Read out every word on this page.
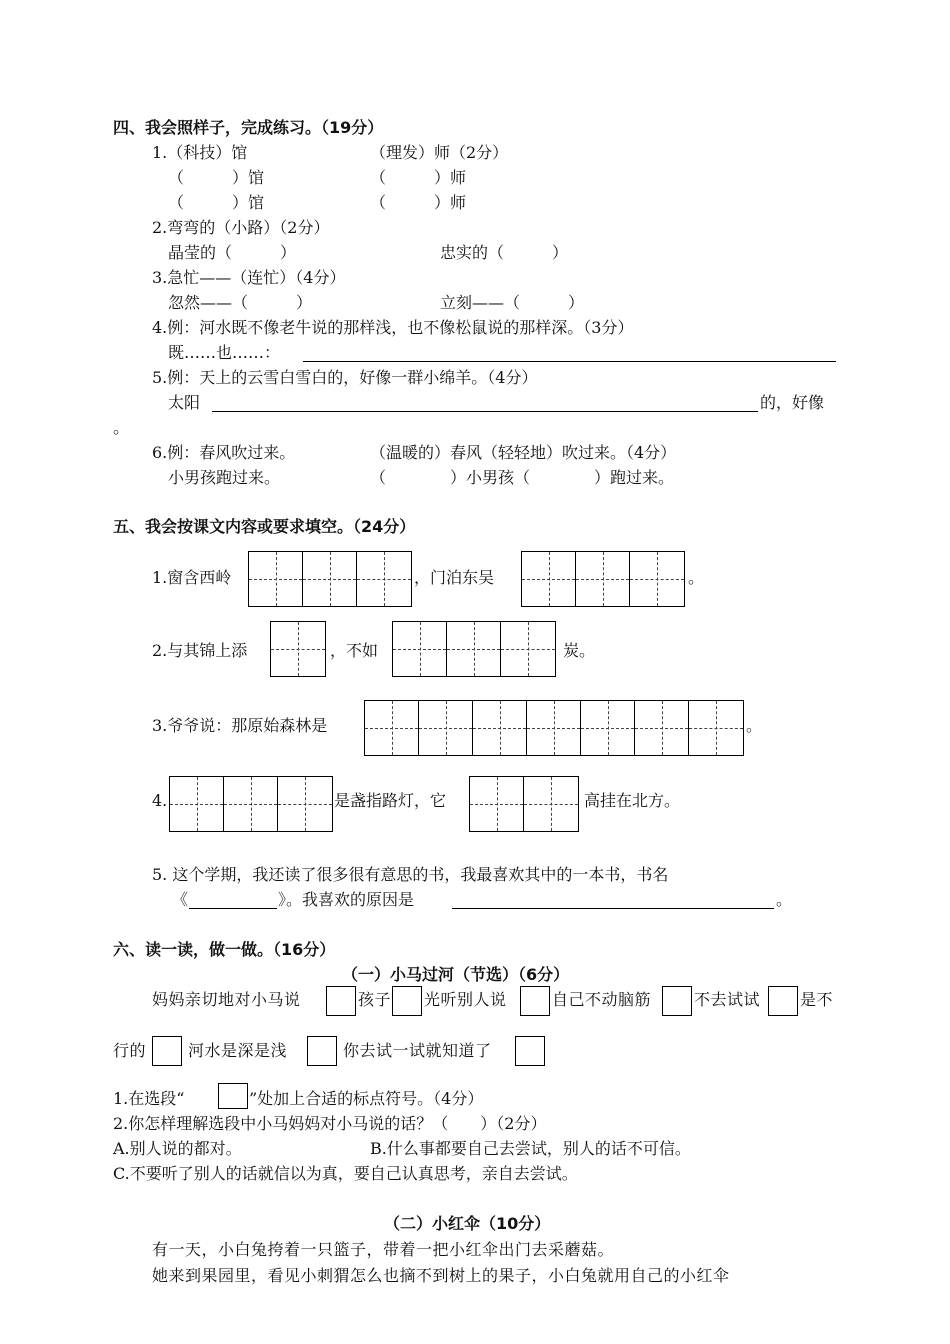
四、我会照样子，完成练习。（19分）
1.（科技）馆	（理发）师（2分）
（　　　）馆	（　　　）师
（　　　）馆	（　　　）师
2.弯弯的（小路）（2分）
晶莹的（　　　）	忠实的（　　　）
3.急忙——（连忙）（4分）
忽然——（　　　）	立刻——（　　　）
4.例：河水既不像老牛说的那样浅，也不像松鼠说的那样深。（3分）
既……也……：
5.例：天上的云雪白雪白的，好像一群小绵羊。（4分）
太阳	的，好像
。
6.例：春风吹过来。	（温暖的）春风（轻轻地）吹过来。（4分）
小男孩跑过来。	（　　　　）小男孩（　　　　）跑过来。
五、我会按课文内容或要求填空。（24分）
1.窗含西岭	，门泊东吴	。
2.与其锦上添	，不如	炭。
3.爷爷说：那原始森林是	。
4.	是盏指路灯，它	高挂在北方。
5. 这个学期，我还读了很多很有意思的书，我最喜欢其中的一本书，书名
《	》。我喜欢的原因是	。
六、读一读，做一做。（16分）
（一）小马过河（节选）（6分）
妈妈亲切地对小马说	孩子 光听别人说	自己不动脑筋	不去试试 是不
行的	河水是深是浅	你去试一试就知道了
1.在选段“	”处加上合适的标点符号。（4分）
2.你怎样理解选段中小马妈妈对小马说的话？（　　）（2分）
A.别人说的都对。	B.什么事都要自己去尝试，别人的话不可信。
C.不要听了别人的话就信以为真，要自己认真思考，亲自去尝试。
（二）小红伞（10分）
有一天，小白兔挎着一只篮子，带着一把小红伞出门去采蘑菇。
她来到果园里，看见小刺猬怎么也摘不到树上的果子，小白兔就用自己的小红伞
